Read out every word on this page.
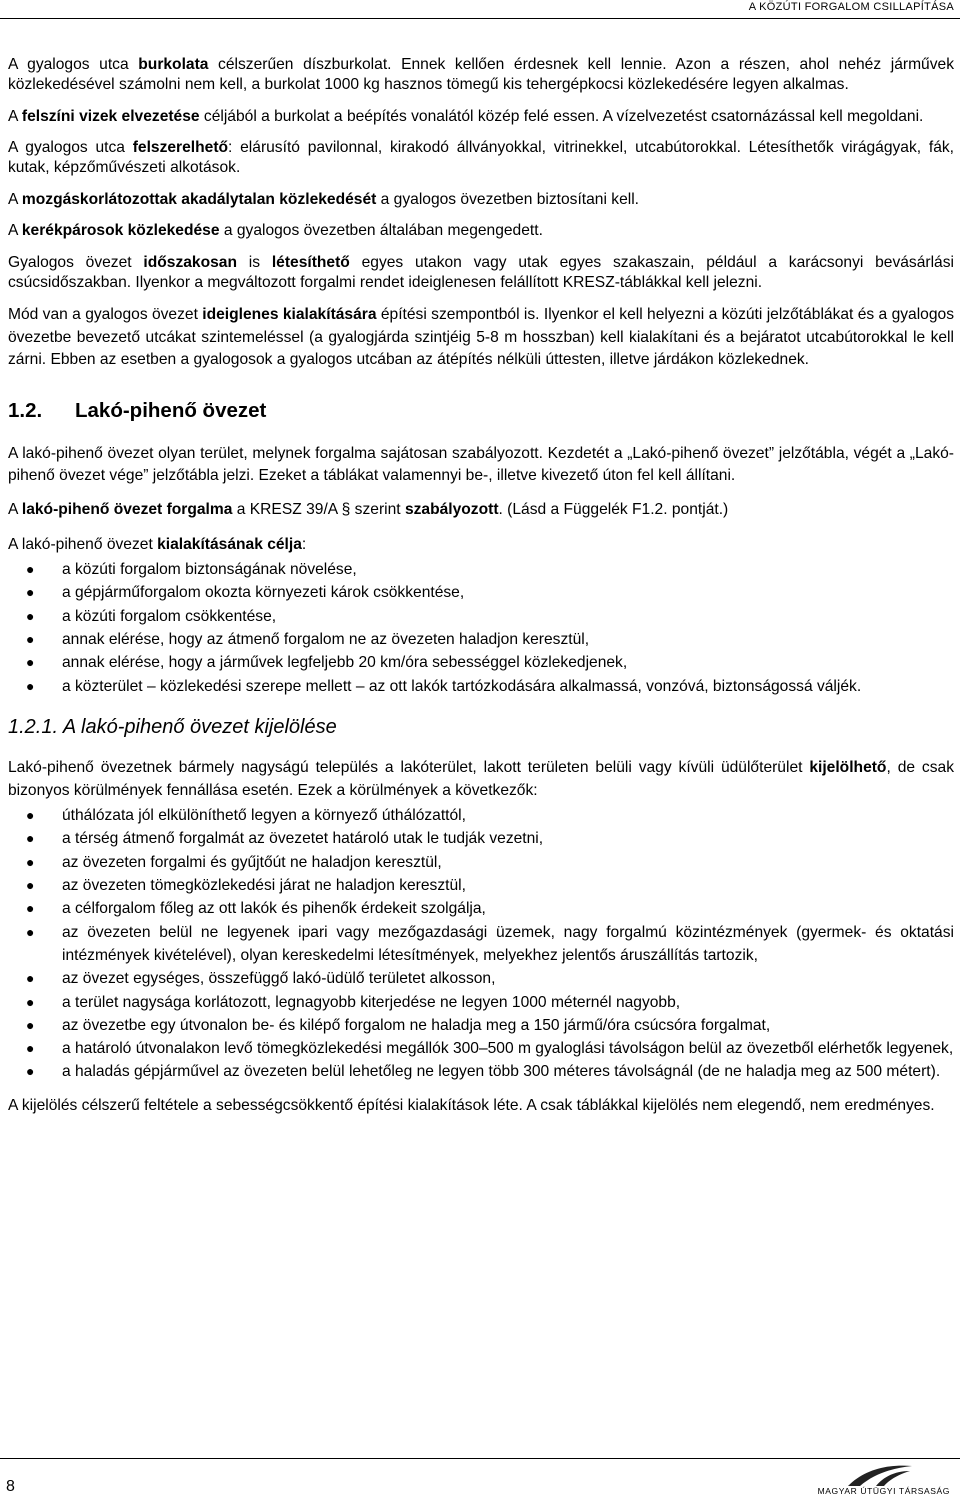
A KÖZÚTI FORGALOM CSILLAPÍTÁSA

A gyalogos utca burkolata célszerűen díszburkolat. Ennek kellően érdesnek kell lennie. Azon a részen, ahol nehéz járművek közlekedésével számolni nem kell, a burkolat 1000 kg hasznos tömegű kis tehergépkocsi közlekedésére legyen alkalmas.

A felszíni vizek elvezetése céljából a burkolat a beépítés vonalától közép felé essen. A vízelvezetést csatornázással kell megoldani.

A gyalogos utca felszerelhető: elárusító pavilonnal, kirakodó állványokkal, vitrinekkel, utcabútorokkal. Létesíthetők virágágyak, fák, kutak, képzőművészeti alkotások.

A mozgáskorlátozottak akadálytalan közlekedését a gyalogos övezetben biztosítani kell.

A kerékpárosok közlekedése a gyalogos övezetben általában megengedett.

Gyalogos övezet időszakosan is létesíthető egyes utakon vagy utak egyes szakaszain, például a karácsonyi bevásárlási csúcsidőszakban. Ilyenkor a megváltozott forgalmi rendet ideiglenesen felállított KRESZ-táblákkal kell jelezni.

Mód van a gyalogos övezet ideiglenes kialakítására építési szempontból is. Ilyenkor el kell helyezni a közúti jelzőtáblákat és a gyalogos övezetbe bevezető utcákat szintemeléssel (a gyalogjárda szintjéig 5-8 m hosszban) kell kialakítani és a bejáratot utcabútorokkal le kell zárni. Ebben az esetben a gyalogosok a gyalogos utcában az átépítés nélküli úttesten, illetve járdákon közlekednek.

1.2. Lakó-pihenő övezet

A lakó-pihenő övezet olyan terület, melynek forgalma sajátosan szabályozott. Kezdetét a „Lakó-pihenő övezet” jelzőtábla, végét a „Lakó-pihenő övezet vége” jelzőtábla jelzi. Ezeket a táblákat valamennyi be-, illetve kivezető úton fel kell állítani.

A lakó-pihenő övezet forgalma a KRESZ 39/A § szerint szabályozott. (Lásd a Függelék F1.2. pontját.)

A lakó-pihenő övezet kialakításának célja:

● a közúti forgalom biztonságának növelése,
● a gépjárműforgalom okozta környezeti károk csökkentése,
● a közúti forgalom csökkentése,
● annak elérése, hogy az átmenő forgalom ne az övezeten haladjon keresztül,
● annak elérése, hogy a járművek legfeljebb 20 km/óra sebességgel közlekedjenek,
● a közterület – közlekedési szerepe mellett – az ott lakók tartózkodására alkalmassá, vonzóvá, biztonságossá váljék.
1.2.1. A lakó-pihenő övezet kijelölése

Lakó-pihenő övezetnek bármely nagyságú település a lakóterület, lakott területen belüli vagy kívüli üdülőterület kijelölhető, de csak bizonyos körülmények fennállása esetén. Ezek a körülmények a következők:

● úthálózata jól elkülöníthető legyen a környező úthálózattól,
● a térség átmenő forgalmát az övezetet határoló utak le tudják vezetni,
● az övezeten forgalmi és gyűjtőút ne haladjon keresztül,
● az övezeten tömegközlekedési járat ne haladjon keresztül,
● a célforgalom főleg az ott lakók és pihenők érdekeit szolgálja,
● az övezeten belül ne legyenek ipari vagy mezőgazdasági üzemek, nagy forgalmú közintézmények (gyermek- és oktatási intézmények kivételével), olyan kereskedelmi létesítmények, melyekhez jelentős áruszállítás tartozik,
● az övezet egységes, összefüggő lakó-üdülő területet alkosson,
● a terület nagysága korlátozott, legnagyobb kiterjedése ne legyen 1000 méternél nagyobb,
● az övezetbe egy útvonalon be- és kilépő forgalom ne haladja meg a 150 jármű/óra csúcsóra forgalmat,
● a határoló útvonalakon levő tömegközlekedési megállók 300–500 m gyaloglási távolságon belül az övezetből elérhetők legyenek,
● a haladás gépjárművel az övezeten belül lehetőleg ne legyen több 300 méteres távolságnál (de ne haladja meg az 500 métert).

A kijelölés célszerű feltétele a sebességcsökkentő építési kialakítások léte. A csak táblákkal kijelölés nem elegendő, nem eredményes.

8	MAGYAR ÚTÜGYI TÁRSASÁG
